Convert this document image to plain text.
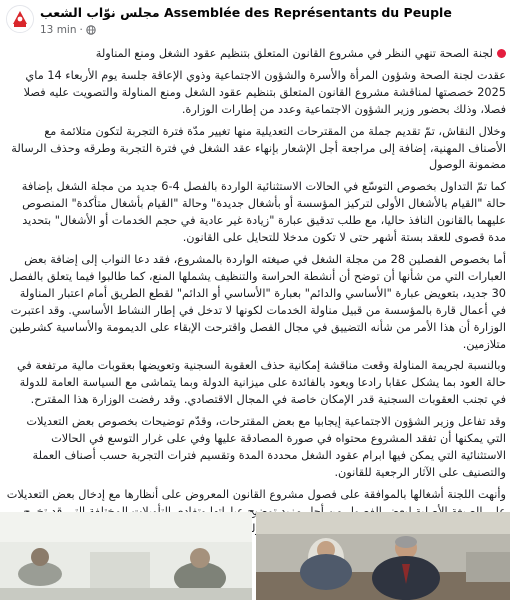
مجلس نوّاب الشعب Assemblée des Représentants du Peuple
13 min ·

لجنة الصحة تنهي النظر في مشروع القانون المتعلق بتنظيم عقود الشغل ومنع المناولة

عقدت لجنة الصحة وشؤون المرأة والأسرة والشؤون الاجتماعية وذوي الإعاقة جلسة يوم الأربعاء 14 ماي 2025 خصصتها لمناقشة مشروع القانون المتعلق بتنظيم عقود الشغل ومنع المناولة والتصويت عليه فصلا فصلا، وذلك بحضور وزير الشؤون الاجتماعية وعدد من إطارات الوزارة.

وخلال النقاش، تمّ تقديم جملة من المقترحات التعديلية منها تغيير مدّة فترة التجربة لتكون متلائمة مع الأصناف المهنية، إضافة إلى مراجعة أجل الإشعار بإنهاء عقد الشغل في فترة التجربة وطرقه وحذف الرسالة مضمونة الوصول

كما تمّ التداول بخصوص التوسّع في الحالات الاستثنائية الواردة بالفصل 4-6 جديد من مجلة الشغل بإضافة حالة "القيام بالأشغال الأولى لتركيز المؤسسة أو بأشغال جديدة" وحالة "القيام بأشغال متأكدة" المنصوص عليهما بالقانون النافذ حاليا، مع طلب تدقيق عبارة "زيادة غير عادية في حجم الخدمات أو الأشغال" بتحديد مدة قصوى للعقد بستة أشهر حتى لا تكون مدخلا للتحايل على القانون.

أما بخصوص الفصلين 28 من مجلة الشغل في صيغته الواردة بالمشروع، فقد دعا النواب إلى إضافة بعض العبارات التي من شأنها أن توضح أن أنشطة الحراسة والتنظيف يشملها المنع، كما طالبوا فيما يتعلق بالفصل 30 جديد، بتعويض عبارة "الأساسي والدائم" بعبارة "الأساسي أو الدائم" لقطع الطريق أمام اعتبار المناولة في أعمال قارة بالمؤسسة من قبيل مناولة الخدمات لكونها لا تدخل في إطار النشاط الأساسي. وقد اعتبرت الوزارة أن هذا الأمر من شأنه التضييق في مجال الفصل واقترحت الإبقاء على الديمومة والأساسية كشرطين متلازمين.

وبالنسبة لجريمة المناولة وقعت مناقشة إمكانية حذف العقوبة السجنية وتعويضها بعقوبات مالية مرتفعة في حالة العود بما يشكل عقابا رادعا ويعود بالفائدة على ميزانية الدولة وبما يتماشى مع السياسة العامة للدولة في تجنب العقوبات السجنية قدر الإمكان خاصة في المجال الاقتصادي. وقد رفضت الوزارة هذا المقترح.

وقد تفاعل وزير الشؤون الاجتماعية إيجابيا مع بعض المقترحات، وقدّم توضيحات بخصوص بعض التعديلات التي يمكنها أن تفقد المشروع محتواه في صورة المصادقة عليها وفي على غرار التوسع في الحالات الاستثنائية التي يمكن فيها ابرام عقود الشغل محددة المدة وتقسيم فترات التجربة حسب أصناف العملة والتصنيف على الآثار الرجعية للقانون.

وأنهت اللجنة أشغالها بالموافقة على فصول مشروع القانون المعروض على أنظارها مع إدخال بعض التعديلات
